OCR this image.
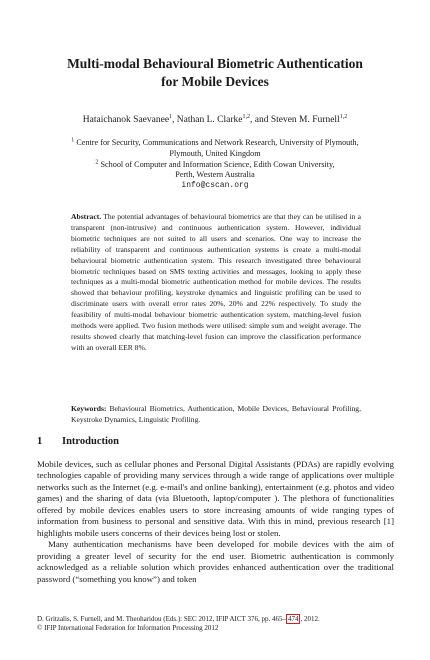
Multi-modal Behavioural Biometric Authentication
for Mobile Devices
Hataichanok Saevanee$^1$, Nathan L. Clarke$^{1,2}$, and Steven M. Furnell$^{1,2}$
$^1$ Centre for Security, Communications and Network Research, University of Plymouth,
Plymouth, United Kingdom
$^2$ School of Computer and Information Science, Edith Cowan University,
Perth, Western Australia
info@cscan.org
Abstract. The potential advantages of behavioural biometrics are that they can be utilised in a transparent (non-intrusive) and continuous authentication system. However, individual biometric techniques are not suited to all users and scenarios. One way to increase the reliability of transparent and continuous authentication systems is create a multi-modal behavioural biometric authentication system. This research investigated three behavioural biometric techniques based on SMS texting activities and messages, looking to apply these techniques as a multi-modal biometric authentication method for mobile devices. The results showed that behaviour profiling, keystroke dynamics and linguistic profiling can be used to discriminate users with overall error rates 20%, 20% and 22% respectively. To study the feasibility of multi-modal behaviour biometric authentication system, matching-level fusion methods were applied. Two fusion methods were utilised: simple sum and weight average. The results showed clearly that matching-level fusion can improve the classification performance with an overall EER 8%.
Keywords: Behavioural Biometrics, Authentication, Mobile Devices, Behavioural Profiling, Keystroke Dynamics, Linguistic Profiling.
1 Introduction

Mobile devices, such as cellular phones and Personal Digital Assistants (PDAs) are rapidly evolving technologies capable of providing many services through a wide range of applications over multiple networks such as the Internet (e.g. e-mail's and online banking), entertainment (e.g. photos and video games) and the sharing of data (via Bluetooth, laptop/computer ). The plethora of functionalities offered by mobile devices enables users to store increasing amounts of wide ranging types of information from business to personal and sensitive data. With this in mind, previous research [1] highlights mobile users concerns of their devices being lost or stolen.

Many authentication mechanisms have been developed for mobile devices with the aim of providing a greater level of security for the end user. Biometric authentication is commonly acknowledged as a reliable solution which provides enhanced authentication over the traditional password (“something you know”) and token

D. Gritzalis, S. Furnell, and M. Theoharidou (Eds.): SEC 2012, IFIP AICT 376, pp. 465– 474 , 2012.
© IFIP International Federation for Information Processing 2012
